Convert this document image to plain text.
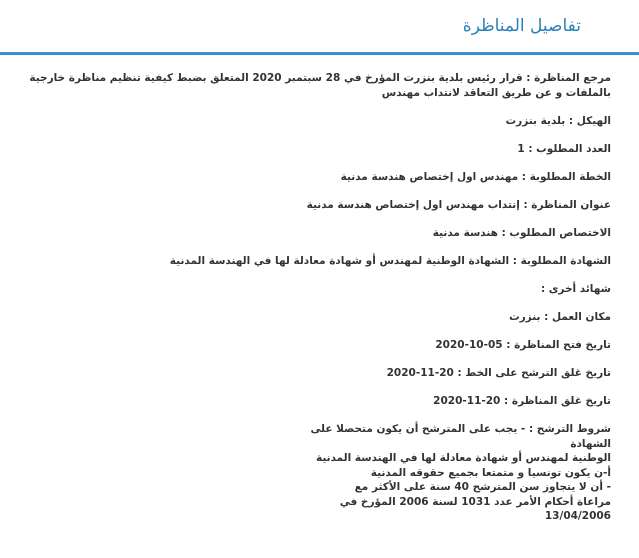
تفاصيل المناظرة
مرجع المناظرة : قرار رئيس بلدية بنزرت المؤرخ في 28 سبتمبر 2020 المتعلق بضبط كيفية تنظيم مناظرة خارجية بالملفات و عن طريق التعاقد لانتداب مهندس
الهيكل : بلدية بنزرت
العدد المطلوب : 1
الخطة المطلوبة : مهندس اول إختصاص هندسة مدنية
عنوان المناظرة : إنتداب مهندس اول إختصاص هندسة مدنية
الاختصاص المطلوب : هندسة مدنية
الشهادة المطلوبة : الشهادة الوطنية لمهندس أو شهادة معادلة لها في الهندسة المدنية
شهائد أخرى :
مكان العمل : بنزرت
تاريخ فتح المناظرة : 05-10-2020
تاريخ غلق الترشح على الخط : 20-11-2020
تاريخ غلق المناظرة : 20-11-2020
شروط الترشح : - يجب على المترشح أن يكون متحصلا على الشهادة
الوطنية لمهندس أو شهادة معادلة لها في الهندسة المدنية
أ-ن يكون تونسيا و متمتعا بجميع حقوقه المدنية
- أن لا يتجاوز سن المترشح 40 سنة على الأكثر مع
مراعاة أحكام الأمر عدد 1031 لسنة 2006 المؤرخ في
13/04/2006
